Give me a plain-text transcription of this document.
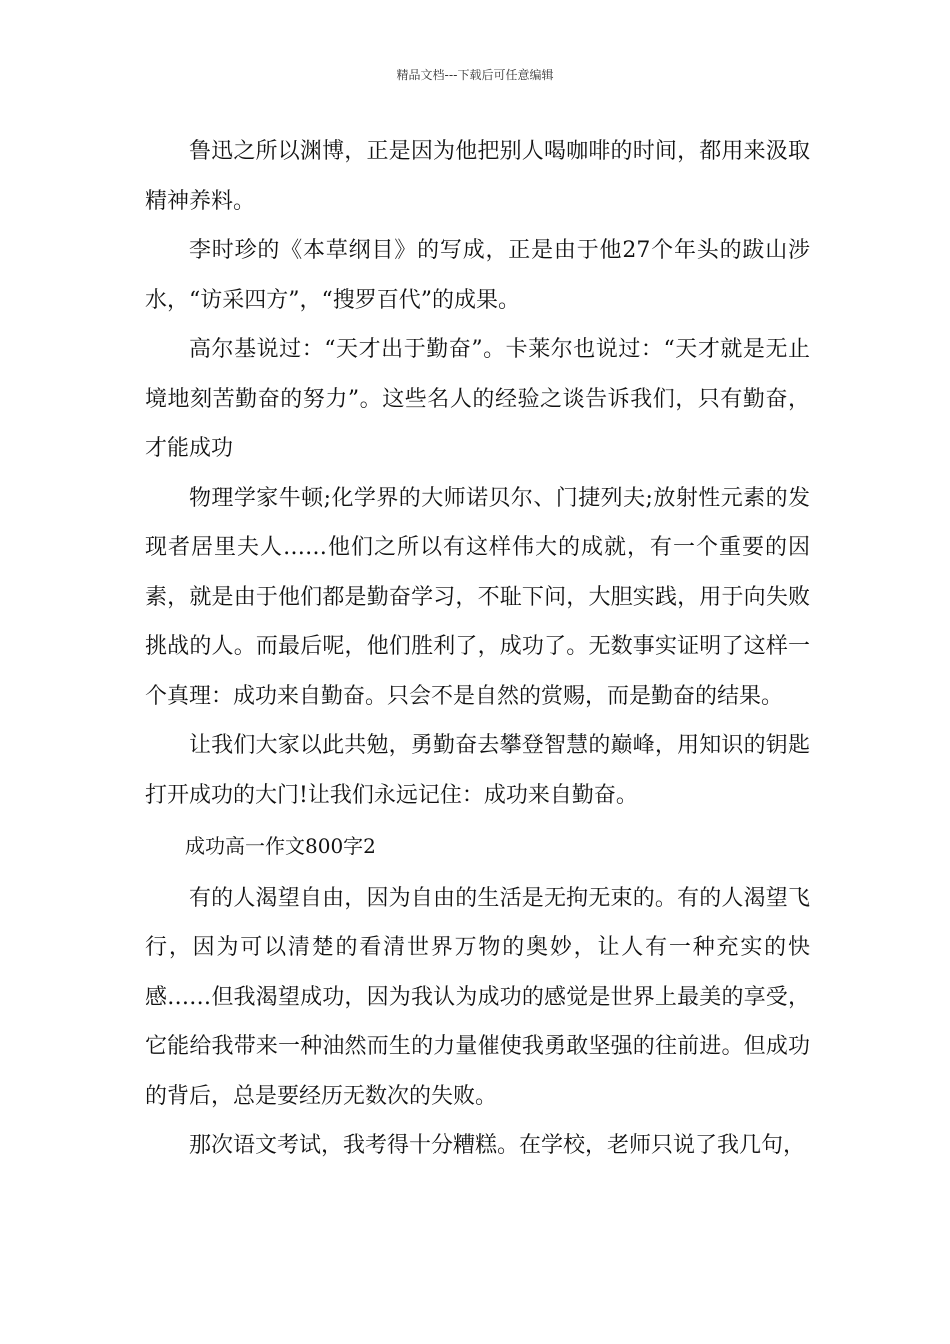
精品文档---下载后可任意编辑

鲁迅之所以渊博，正是因为他把别人喝咖啡的时间，都用来汲取精神养料。

李时珍的《本草纲目》的写成，正是由于他27个年头的跋山涉水，“访采四方”，“搜罗百代”的成果。

高尔基说过：“天才出于勤奋”。卡莱尔也说过：“天才就是无止境地刻苦勤奋的努力”。这些名人的经验之谈告诉我们，只有勤奋，才能成功

物理学家牛顿;化学界的大师诺贝尔、门捷列夫;放射性元素的发现者居里夫人……他们之所以有这样伟大的成就，有一个重要的因素，就是由于他们都是勤奋学习，不耻下问，大胆实践，用于向失败挑战的人。而最后呢，他们胜利了，成功了。无数事实证明了这样一个真理：成功来自勤奋。只会不是自然的赏赐，而是勤奋的结果。

让我们大家以此共勉，勇勤奋去攀登智慧的巅峰，用知识的钥匙打开成功的大门!让我们永远记住：成功来自勤奋。

成功高一作文800字2

有的人渴望自由，因为自由的生活是无拘无束的。有的人渴望飞行，因为可以清楚的看清世界万物的奥妙，让人有一种充实的快感……但我渴望成功，因为我认为成功的感觉是世界上最美的享受，它能给我带来一种油然而生的力量催使我勇敢坚强的往前进。但成功的背后，总是要经历无数次的失败。

那次语文考试，我考得十分糟糕。在学校，老师只说了我几句，
